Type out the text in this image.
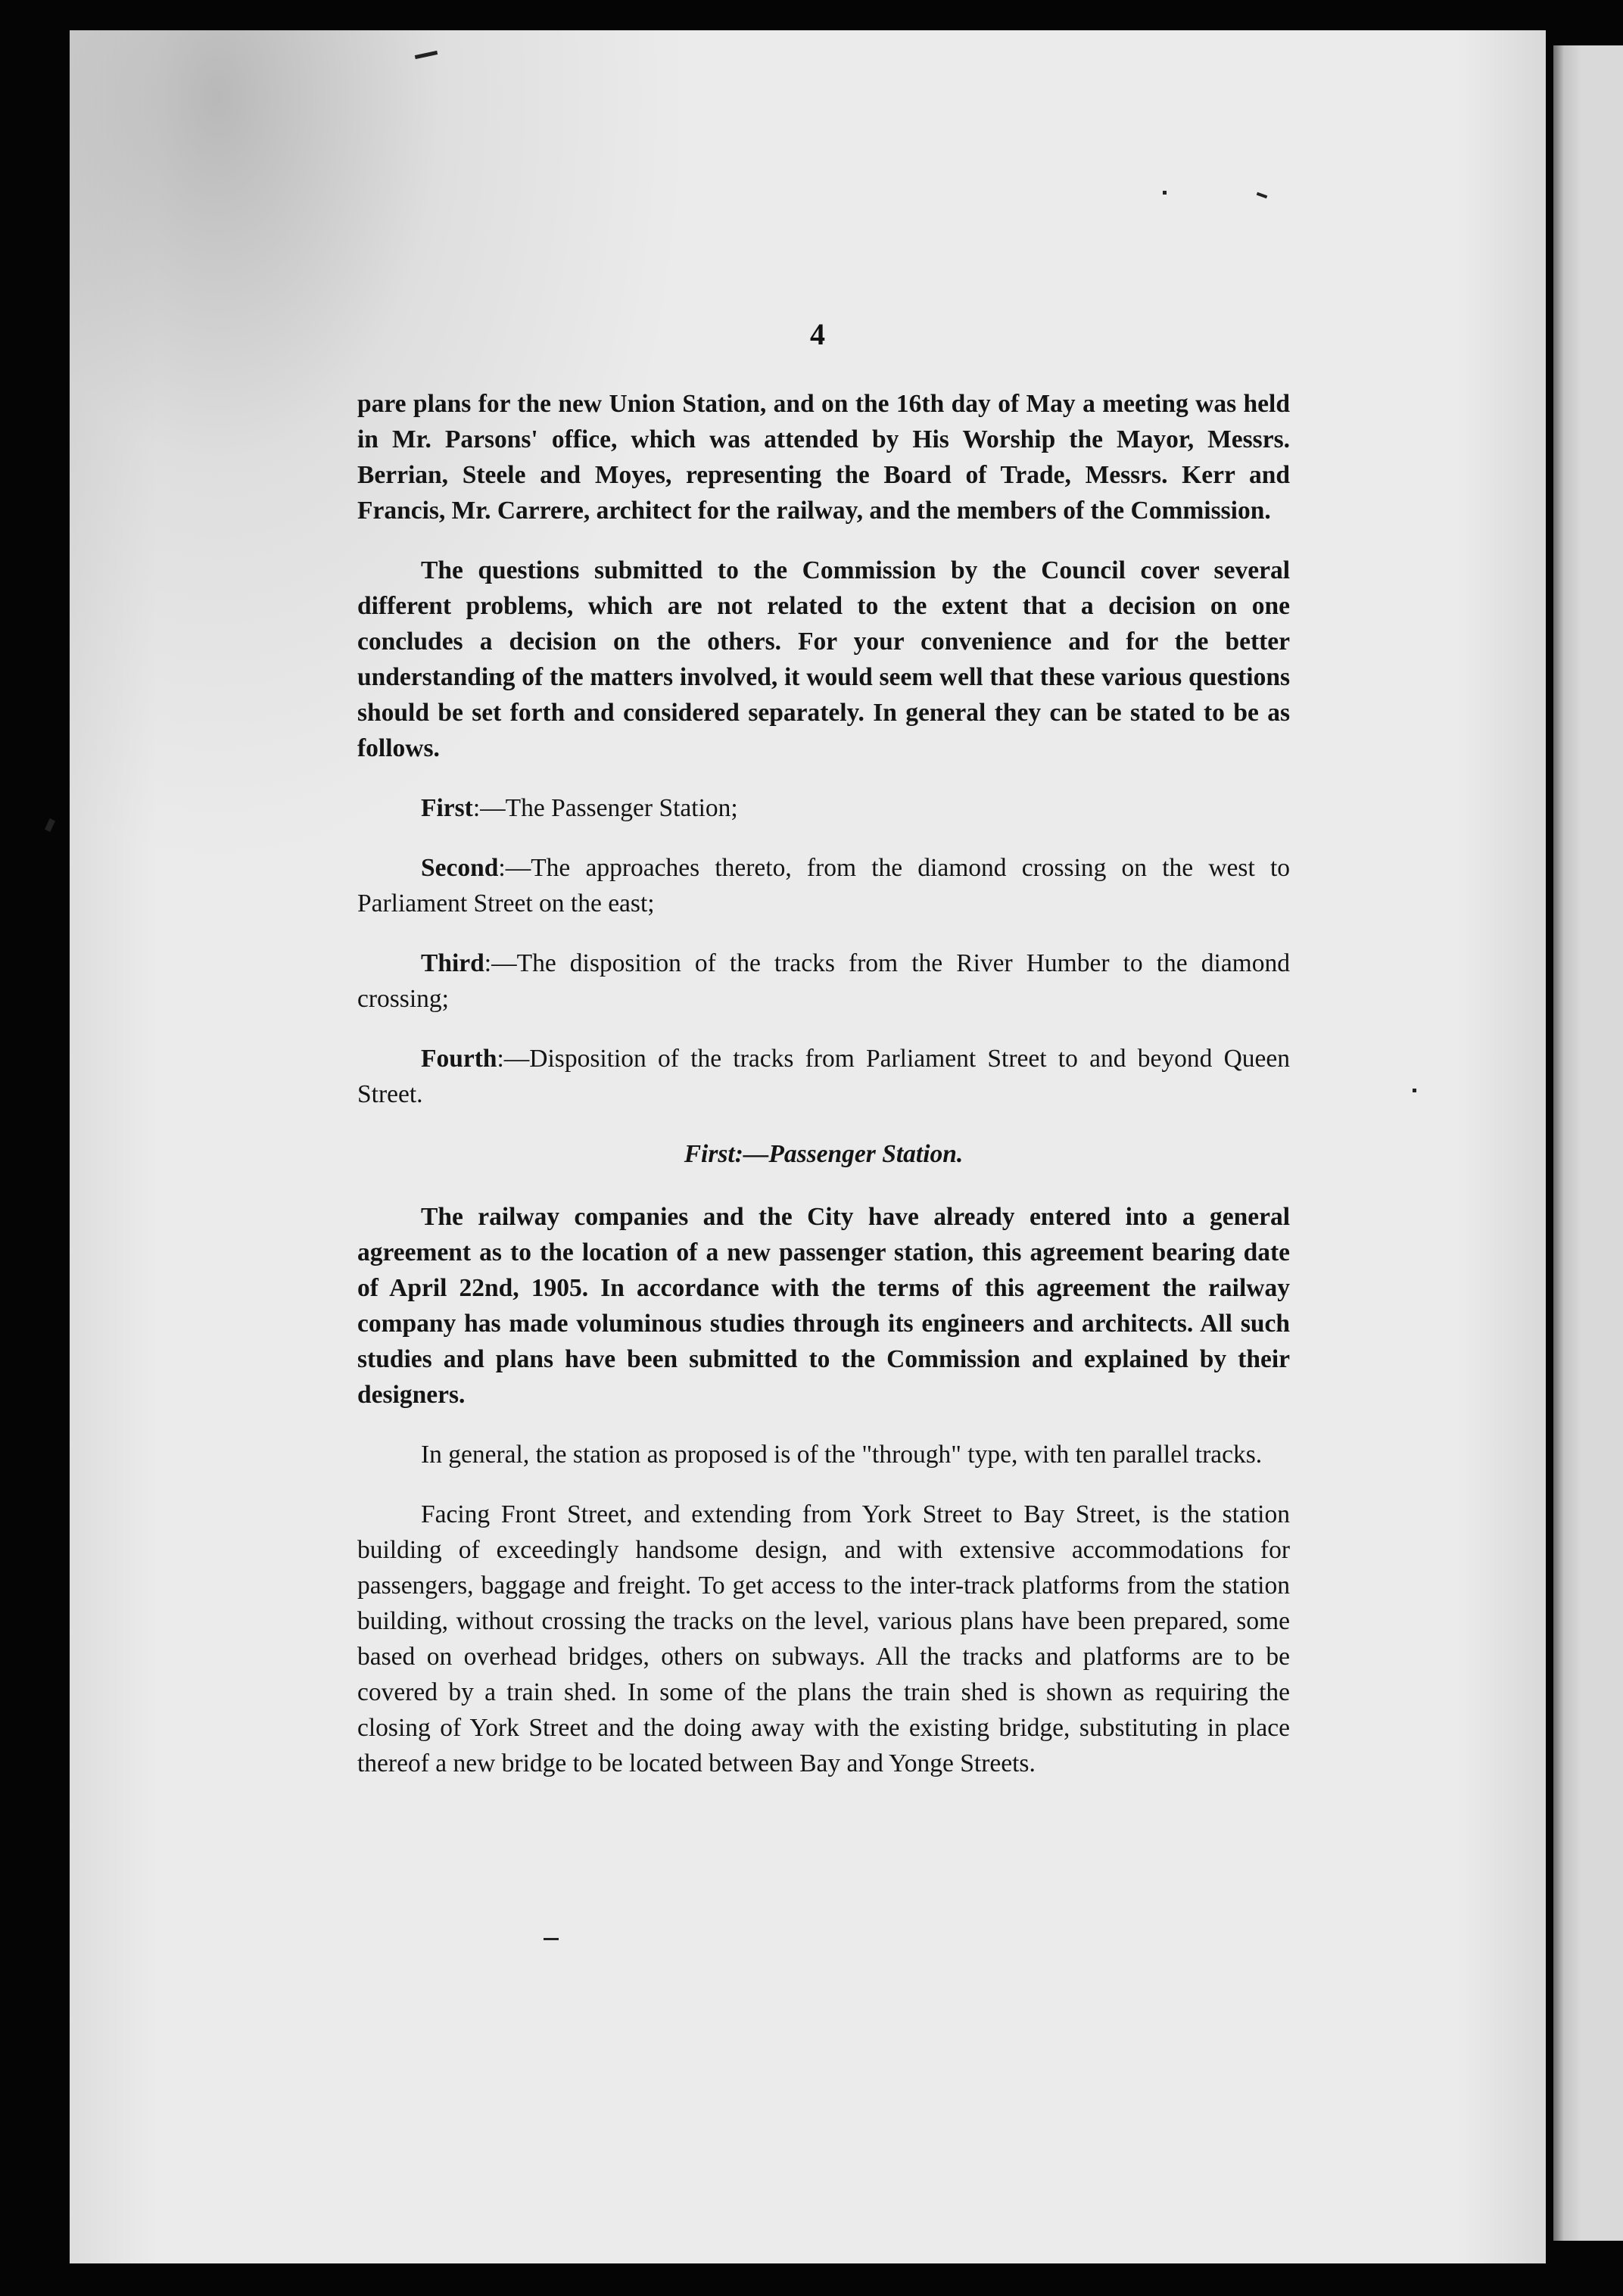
4

pare plans for the new Union Station, and on the 16th day of May a meeting was held in Mr. Parsons' office, which was attended by His Worship the Mayor, Messrs. Berrian, Steele and Moyes, representing the Board of Trade, Messrs. Kerr and Francis, Mr. Carrere, architect for the railway, and the members of the Commission.

The questions submitted to the Commission by the Council cover several different problems, which are not related to the extent that a decision on one concludes a decision on the others. For your convenience and for the better understanding of the matters involved, it would seem well that these various questions should be set forth and considered separately. In general they can be stated to be as follows.

First:—The Passenger Station;

Second:—The approaches thereto, from the diamond crossing on the west to Parliament Street on the east;

Third:—The disposition of the tracks from the River Humber to the diamond crossing;

Fourth:—Disposition of the tracks from Parliament Street to and beyond Queen Street.

First:—Passenger Station.

The railway companies and the City have already entered into a general agreement as to the location of a new passenger station, this agreement bearing date of April 22nd, 1905. In accordance with the terms of this agreement the railway company has made voluminous studies through its engineers and architects. All such studies and plans have been submitted to the Commission and explained by their designers.

In general, the station as proposed is of the "through" type, with ten parallel tracks.

Facing Front Street, and extending from York Street to Bay Street, is the station building of exceedingly handsome design, and with extensive accommodations for passengers, baggage and freight. To get access to the inter-track platforms from the station building, without crossing the tracks on the level, various plans have been prepared, some based on overhead bridges, others on subways. All the tracks and platforms are to be covered by a train shed. In some of the plans the train shed is shown as requiring the closing of York Street and the doing away with the existing bridge, substituting in place thereof a new bridge to be located between Bay and Yonge Streets.
